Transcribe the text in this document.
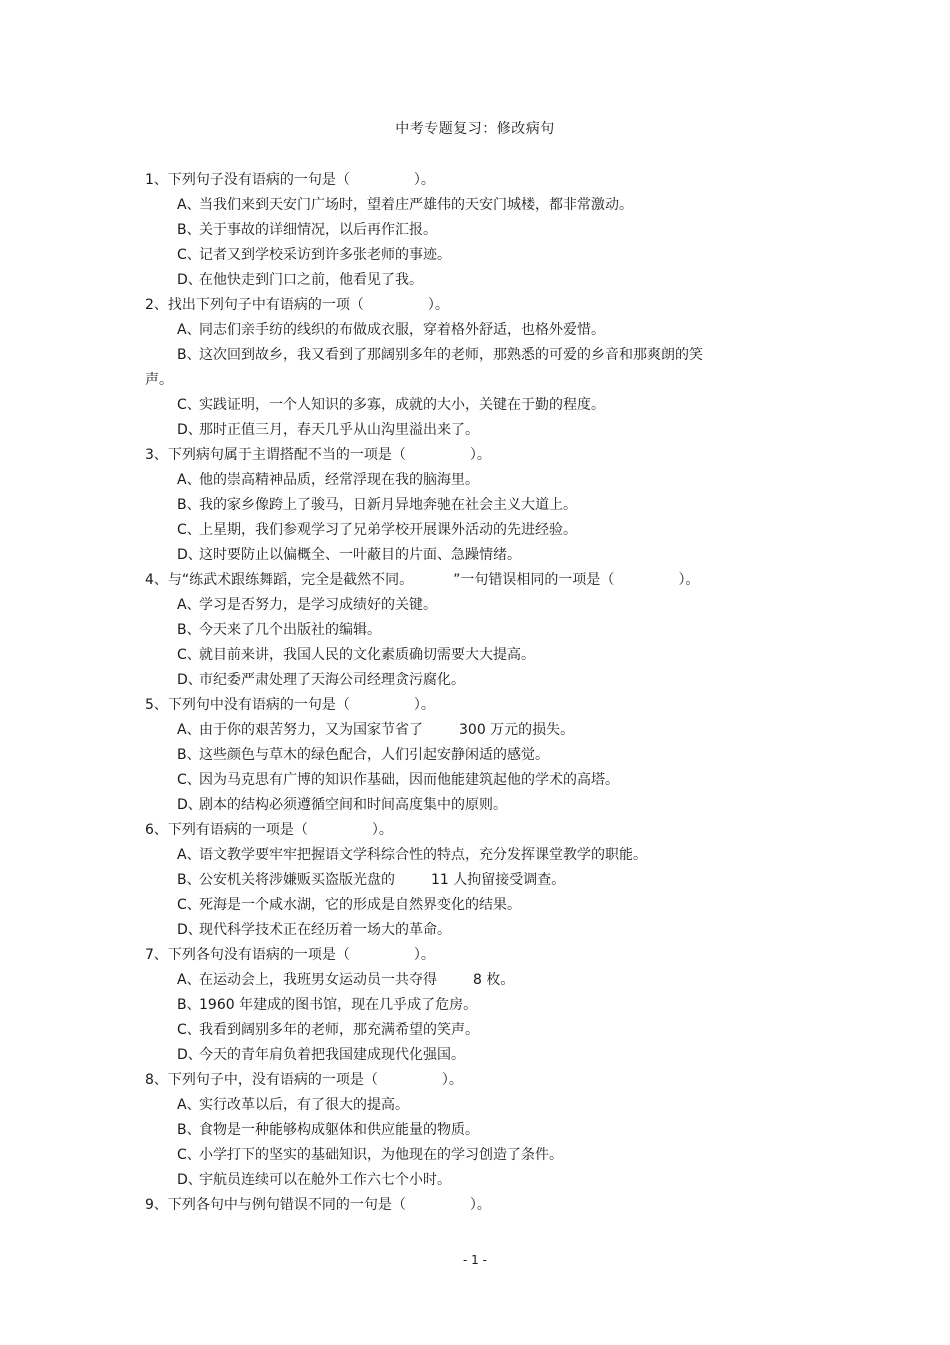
中考专题复习：修改病句
1、下列句子没有语病的一句是（	）。
A、当我们来到天安门广场时，望着庄严雄伟的天安门城楼，都非常激动。
B、关于事故的详细情况，以后再作汇报。
C、记者又到学校采访到许多张老师的事迹。
D、在他快走到门口之前，他看见了我。
2、找出下列句子中有语病的一项（	）。
A、同志们亲手纺的线织的布做成衣服，穿着格外舒适，也格外爱惜。
B、这次回到故乡，我又看到了那阔别多年的老师，那熟悉的可爱的乡音和那爽朗的笑
声。
C、实践证明，一个人知识的多寡，成就的大小，关键在于勤的程度。
D、那时正值三月，春天几乎从山沟里溢出来了。
3、下列病句属于主谓搭配不当的一项是（	）。
A、他的崇高精神品质，经常浮现在我的脑海里。
B、我的家乡像跨上了骏马，日新月异地奔驰在社会主义大道上。
C、上星期，我们参观学习了兄弟学校开展课外活动的先进经验。
D、这时要防止以偏概全、一叶蔽目的片面、急躁情绪。
4、与“练武术跟练舞蹈，完全是截然不同。	”一句错误相同的一项是（	）。
A、学习是否努力，是学习成绩好的关键。
B、今天来了几个出版社的编辑。
C、就目前来讲，我国人民的文化素质确切需要大大提高。
D、市纪委严肃处理了天海公司经理贪污腐化。
5、下列句中没有语病的一句是（	）。
A、由于你的艰苦努力，又为国家节省了	300 万元的损失。
B、这些颜色与草木的绿色配合，人们引起安静闲适的感觉。
C、因为马克思有广博的知识作基础，因而他能建筑起他的学术的高塔。
D、剧本的结构必须遵循空间和时间高度集中的原则。
6、下列有语病的一项是（	）。
A、语文教学要牢牢把握语文学科综合性的特点，充分发挥课堂教学的职能。
B、公安机关将涉嫌贩买盗版光盘的	11 人拘留接受调查。
C、死海是一个咸水湖，它的形成是自然界变化的结果。
D、现代科学技术正在经历着一场大的革命。
7、下列各句没有语病的一项是（	）。
A、在运动会上，我班男女运动员一共夺得	8 枚。
B、1960 年建成的图书馆，现在几乎成了危房。
C、我看到阔别多年的老师，那充满希望的笑声。
D、今天的青年肩负着把我国建成现代化强国。
8、下列句子中，没有语病的一项是（	）。
A、实行改革以后，有了很大的提高。
B、食物是一种能够构成躯体和供应能量的物质。
C、小学打下的坚实的基础知识，为他现在的学习创造了条件。
D、宇航员连续可以在舱外工作六七个小时。
9、下列各句中与例句错误不同的一句是（	）。
- 1 -
